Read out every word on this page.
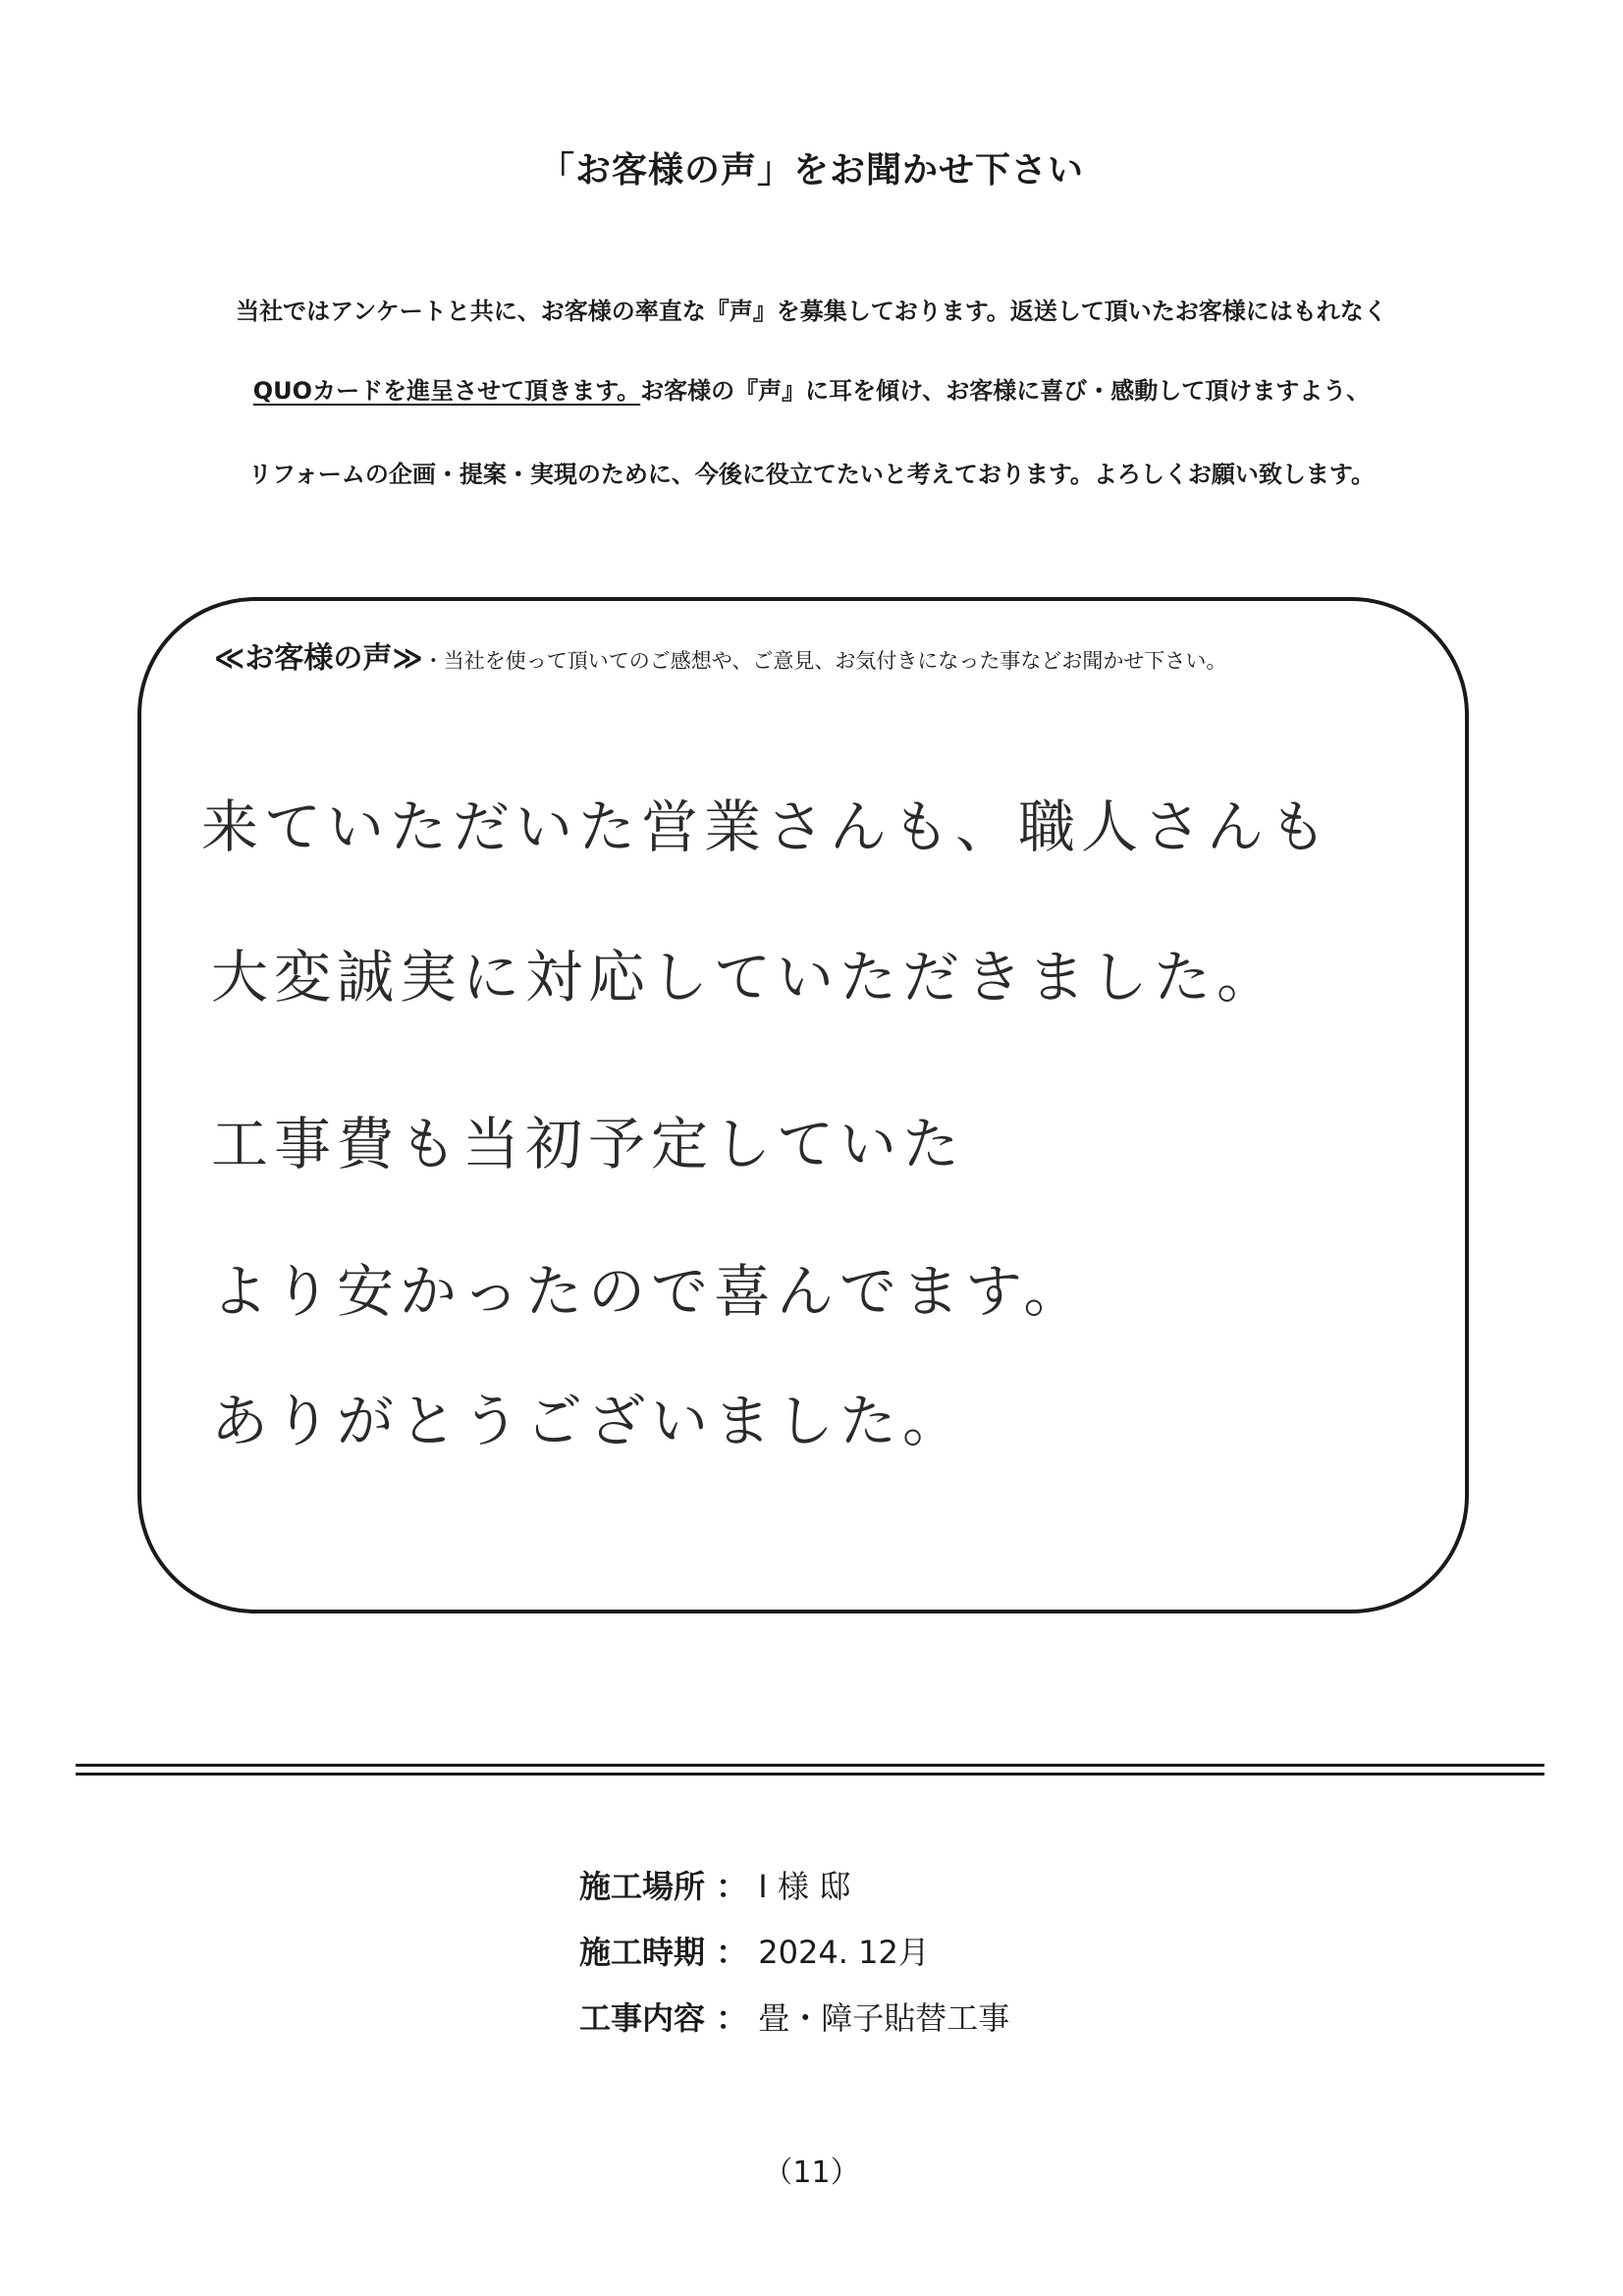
「お客様の声」をお聞かせ下さい
当社ではアンケートと共に、お客様の率直な『声』を募集しております。返送して頂いたお客様にはもれなく
QUOカードを進呈させて頂きます。お客様の『声』に耳を傾け、お客様に喜び・感動して頂けますよう、
リフォームの企画・提案・実現のために、今後に役立てたいと考えております。よろしくお願い致します。
≪お客様の声≫・当社を使って頂いてのご感想や、ご意見、お気付きになった事などお聞かせ下さい。
来ていただいた営業さんも、職人さんも
大変誠実に対応していただきました。
工事費も当初予定していた
より安かったので喜んでます。
ありがとうございました。
施工場所 ： I 様 邸
施工時期 ： 2024. 12月
工事内容 ： 畳・障子貼替工事
（11）
